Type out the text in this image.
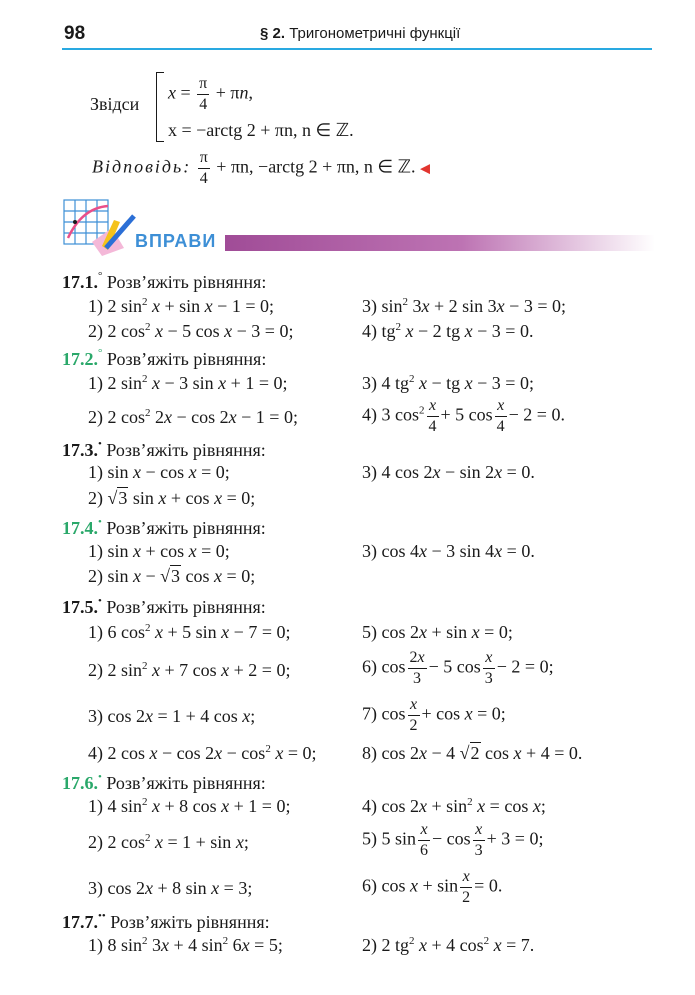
98	§ 2. Тригонометричні функції
Звідси
$x = \frac{\pi}{4} + \pi n$,
x = −arctg 2 + πn, n ∈ ℤ.
Відповідь: $\frac{\pi}{4} + \pi n$, −arctg 2 + πn, n ∈ ℤ. ◀
ВПРАВИ
17.1.° Розв’яжіть рівняння:
1) 2 $\sin^2 x + \sin x - 1 = 0$;	3) $\sin^2 3x + 2$ sin 3x − 3 = 0;
2) 2 $\cos^2 x - 5$ cos x − 3 = 0;	4) $tg^2$ x − 2 tg x − 3 = 0.
17.2.° Розв’яжіть рівняння:
1) 2 $\sin^2 x - 3$ sin x + 1 = 0;	3) 4 $tg^2$ x − tg x − 3 = 0;
2) 2 $\cos^2 2x - \cos 2x - 1 = 0$;	4) 3 $\cos^2 \frac{x}{4} + 5$ $\cos \frac{x}{4} - 2 = 0$.
17.3.• Розв’яжіть рівняння:
1) sin x − cos x = 0;	3) 4 cos 2x − sin 2x = 0.
2) √3 sin x + cos x = 0;
17.4.• Розв’яжіть рівняння:
1) sin x + cos x = 0;	3) cos 4x − 3 sin 4x = 0.
2) sin x − √3 cos x = 0;
17.5.• Розв’яжіть рівняння:
1) 6 $\cos^2 x + 5$ sin x − 7 = 0;	5) cos 2x + sin x = 0;
2) 2 $\sin^2 x + 7$ cos x + 2 = 0;	6) $\cos \frac{2x}{3} - 5$ $\cos \frac{x}{3} - 2 = 0$;
3) cos 2x = 1 + 4 cos x;	7) $\cos \frac{x}{2} + \cos x = 0$;
4) 2 $\cos x - \cos 2x - \cos^2 x = 0$;	8) cos 2x − 4 √2 cos x + 4 = 0.
17.6.• Розв’яжіть рівняння:
1) 4 $\sin^2 x + 8$ cos x + 1 = 0;	4) $\cos 2x + \sin^2 x = \cos x$;
2) 2 $\cos^2 x = 1 + \sin x$;	5) 5 $\sin \frac{x}{6} - \cos \frac{x}{3} + 3 = 0$;
3) cos 2x + 8 sin x = 3;	6) $\cos x + \sin \frac{x}{2} = 0$.
17.7.•• Розв’яжіть рівняння:
1) 8 $\sin^2 3x + 4$ $\sin^2 6x = 5$;	2) 2 $tg^2$ x + 4 $\cos^2 x = 7$.
